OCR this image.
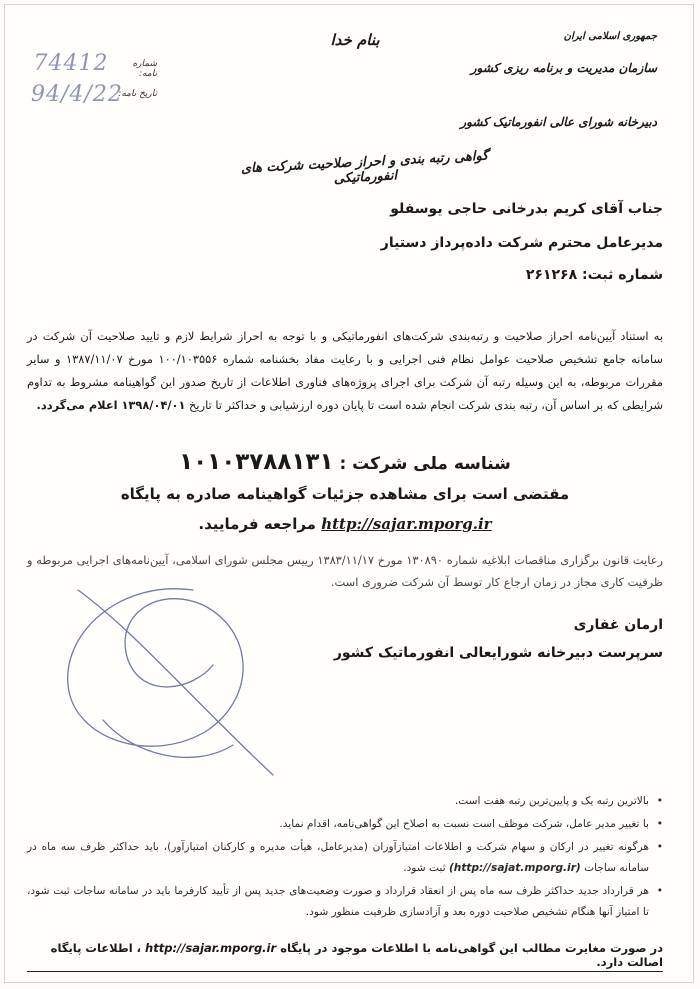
بنام خدا	جمهوری اسلامی ایران
سازمان مدیریت و برنامه ریزی کشور
دبیرخانه شورای عالی انفورماتیک کشور
شماره نامه:
تاریخ نامه:
74412
94/4/22
گواهی رتبه بندی و احراز صلاحیت شرکت های انفورماتیکی
جناب آقای کریم بدرخانی حاجی یوسفلو
مدیرعامل محترم شرکت داده‌پرداز دستیار
شماره ثبت: ۲۶۱۲۶۸
به استناد آیین‌نامه احراز صلاحیت و رتبه‌بندی شرکت‌های انفورماتیکی و با توجه به احراز شرایط لازم و تایید صلاحیت آن شرکت در سامانه جامع تشخیص صلاحیت عوامل نظام فنی اجرایی و با رعایت مفاد بخشنامه شماره ۱۰۰/۱۰۳۵۵۶ مورخ ۱۳۸۷/۱۱/۰۷ و سایر مقررات مربوطه، به این وسیله رتبه آن شرکت برای اجرای پروژه‌های فناوری اطلاعات از تاریخ صدور این گواهینامه مشروط به تداوم شرایطی که بر اساس آن، رتبه بندی شرکت انجام شده است تا پایان دوره ارزشیابی و حداکثر تا تاریخ ۱۳۹۸/۰۴/۰۱ اعلام می‌گردد.
شناسه ملی شرکت : ۱۰۱۰۳۷۸۸۱۳۱
مقتضی است برای مشاهده جزئیات گواهینامه صادره به پایگاه
http://sajar.mporg.ir مراجعه فرمایید.
رعایت قانون برگزاری مناقصات ابلاغیه شماره ۱۳۰۸۹۰ مورخ ۱۳۸۳/۱۱/۱۷ رییس مجلس شورای اسلامی، آیین‌نامه‌های اجرایی مربوطه و ظرفیت کاری مجاز در زمان ارجاع کار توسط آن شرکت ضروری است.
ارمان غفاری
سرپرست دبیرخانه شورایعالی انفورماتیک کشور
• بالاترین رتبه یک و پایین‌ترین رتبه هفت است.
• با تغییر مدیر عامل، شرکت موظف است نسبت به اصلاح این گواهی‌نامه، اقدام نماید.
• هرگونه تغییر در ارکان و سهام شرکت و اطلاعات امتیازآوران (مدیرعامل، هیأت مدیره و کارکنان امتیازآور)، باید حداکثر ظرف سه ماه در سامانه ساجات (http://sajat.mporg.ir) ثبت شود.
• هر قرارداد جدید حداکثر ظرف سه ماه پس از انعقاد قرارداد و صورت وضعیت‌های جدید پس از تأیید کارفرما باید در سامانه ساجات ثبت شود، تا امتیاز آنها هنگام تشخیص صلاحیت دوره بعد و آزادسازی ظرفیت منظور شود.
در صورت مغایرت مطالب این گواهی‌نامه با اطلاعات موجود در پایگاه http://sajar.mporg.ir ، اطلاعات پایگاه اصالت دارد.
